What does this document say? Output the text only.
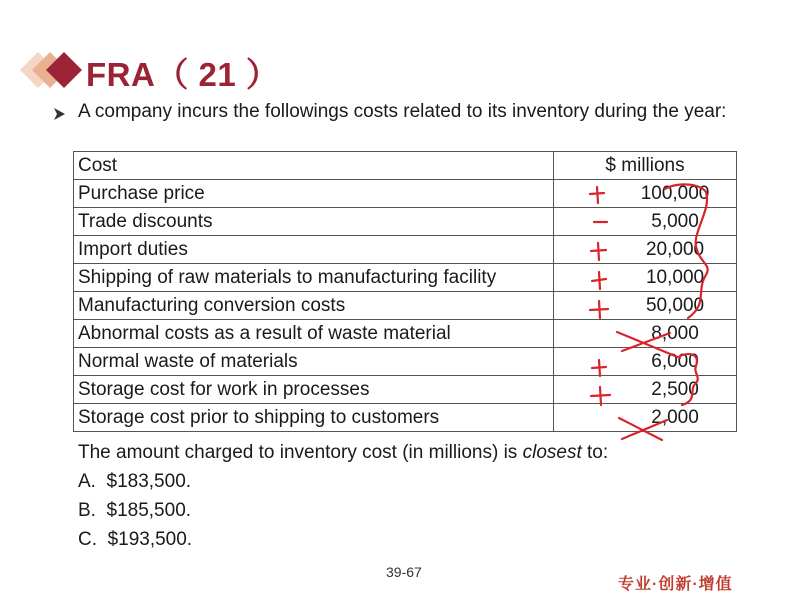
FRA（ 21 ）
A company incurs the followings costs related to its inventory during the year:
Cost	$ millions
Purchase price	100,000
Trade discounts	5,000
Import duties	20,000
Shipping of raw materials to manufacturing facility	10,000
Manufacturing conversion costs	50,000
Abnormal costs as a result of waste material	8,000
Normal waste of materials	6,000
Storage cost for work in processes	2,500
Storage cost prior to shipping to customers	2,000
The amount charged to inventory cost (in millions) is closest to:
A. $183,500.
B. $185,500.
C. $193,500.
39-67
专业·创新·增值
